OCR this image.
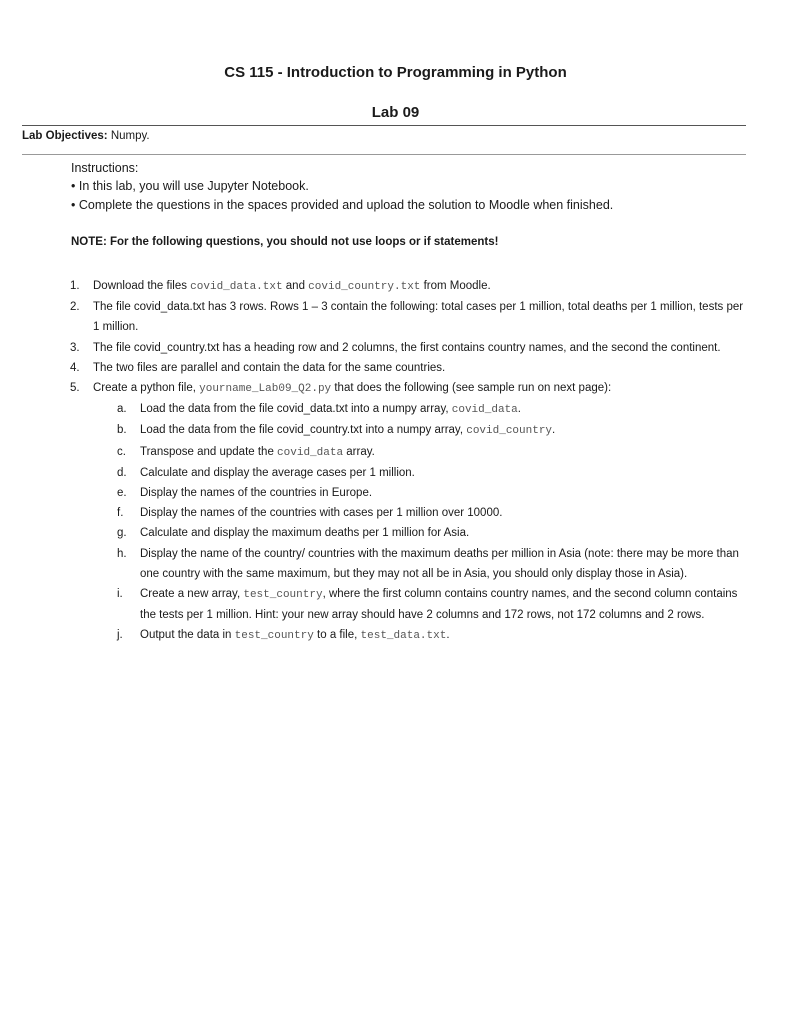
CS 115 - Introduction to Programming in Python
Lab 09
Lab Objectives: Numpy.
Instructions:
• In this lab, you will use Jupyter Notebook.
• Complete the questions in the spaces provided and upload the solution to Moodle when finished.
NOTE: For the following questions, you should not use loops or if statements!
1.	Download the files covid_data.txt and covid_country.txt from Moodle.
2.	The file covid_data.txt has 3 rows. Rows 1 – 3 contain the following: total cases per 1 million, total deaths per 1 million, tests per 1 million.
3.	The file covid_country.txt has a heading row and 2 columns, the first contains country names, and the second the continent.
4.	The two files are parallel and contain the data for the same countries.
5.	Create a python file, yourname_Lab09_Q2.py that does the following (see sample run on next page):
a.	Load the data from the file covid_data.txt into a numpy array, covid_data.
b.	Load the data from the file covid_country.txt into a numpy array, covid_country.
c.	Transpose and update the covid_data array.
d.	Calculate and display the average cases per 1 million.
e.	Display the names of the countries in Europe.
f.	Display the names of the countries with cases per 1 million over 10000.
g.	Calculate and display the maximum deaths per 1 million for Asia.
h.	Display the name of the country/ countries with the maximum deaths per million in Asia (note: there may be more than one country with the same maximum, but they may not all be in Asia, you should only display those in Asia).
i.	Create a new array, test_country, where the first column contains country names, and the second column contains the tests per 1 million. Hint: your new array should have 2 columns and 172 rows, not 172 columns and 2 rows.
j.	Output the data in test_country to a file, test_data.txt.
